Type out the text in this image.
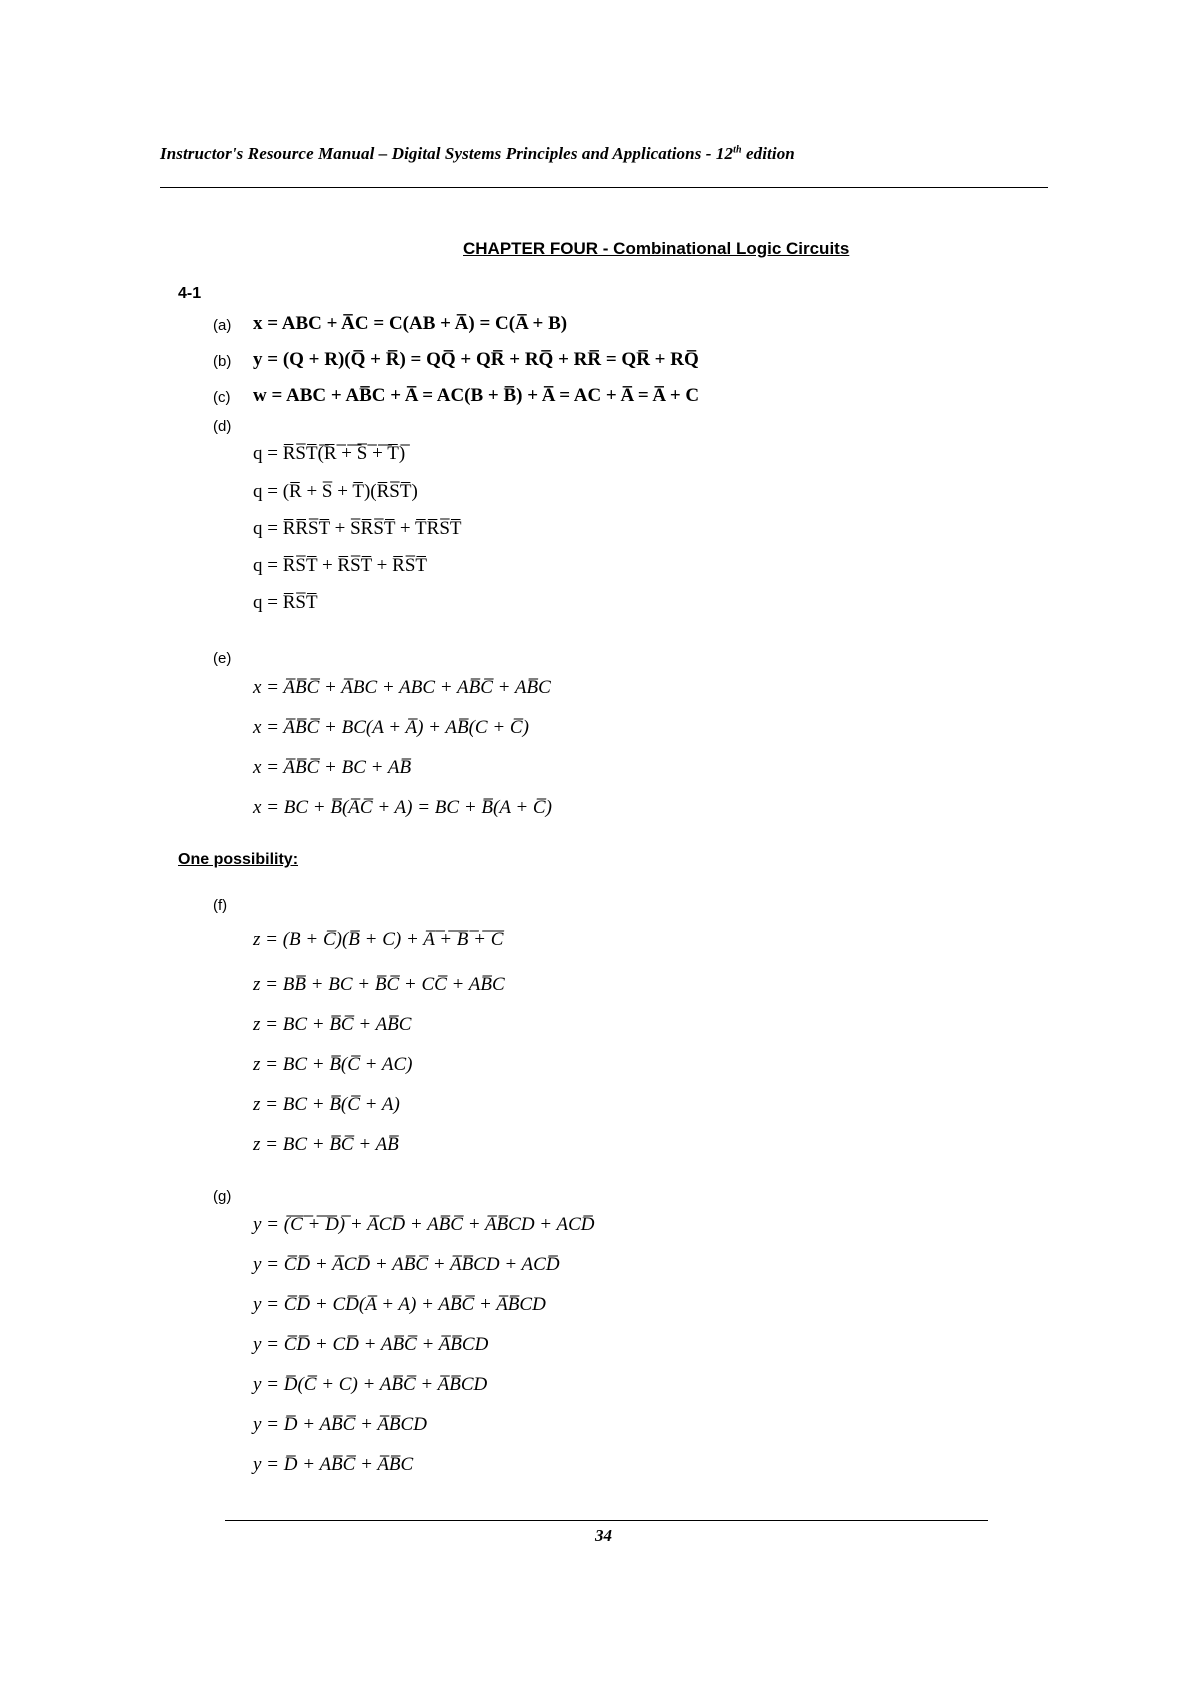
Instructor's Resource Manual – Digital Systems Principles and Applications - 12th edition
CHAPTER FOUR - Combinational Logic Circuits
4-1
(a) x = ABC + A̅C = C(AB + A̅) = C(A̅ + B)
(b) y = (Q + R)(Q̅ + R̅) = QQ̅ + QR̅ + RQ̅ + RR̅ = QR̅ + RQ̅
(c) w = ABC + AB̅C + A̅ = AC(B + B̅) + A̅ = AC + A̅ = A̅ + C
(d)
q = R̅S̅T̅(̅R̅ ̅+̅ ̅S̅ ̅+̅ ̅T̅)̅
q = (R̅ + S̅ + T̅)(R̅S̅T̅)
q = R̅R̅S̅T̅ + S̅R̅S̅T̅ + T̅R̅S̅T̅
q = R̅S̅T̅ + R̅S̅T̅ + R̅S̅T̅
q = R̅S̅T̅
(e)
x = A̅B̅C̅ + A̅BC + ABC + AB̅C̅ + AB̅C
x = A̅B̅C̅ + BC(A + A̅) + AB̅(C + C̅)
x = A̅B̅C̅ + BC + AB̅
x = BC + B̅(A̅C̅ + A) = BC + B̅(A + C̅)
One possibility:
(f)
z = (B + C̅)(B̅ + C) + A̅ ̅+̅ ̅B̅ ̅+̅ ̅C̅
z = BB̅ + BC + B̅C̅ + CC̅ + AB̅C
z = BC + B̅C̅ + AB̅C
z = BC + B̅(C̅ + AC)
z = BC + B̅(C̅ + A)
z = BC + B̅C̅ + AB̅
(g)
y = (̅C̅ ̅+̅ ̅D̅)̅ + A̅CD̅ + AB̅C̅ + A̅B̅CD + ACD̅
y = C̅D̅ + A̅CD̅ + AB̅C̅ + A̅B̅CD + ACD̅
y = C̅D̅ + CD̅(A̅ + A) + AB̅C̅ + A̅B̅CD
y = C̅D̅ + CD̅ + AB̅C̅ + A̅B̅CD
y = D̅(C̅ + C) + AB̅C̅ + A̅B̅CD
y = D̅ + AB̅C̅ + A̅B̅CD
y = D̅ + AB̅C̅ + A̅B̅C
34
